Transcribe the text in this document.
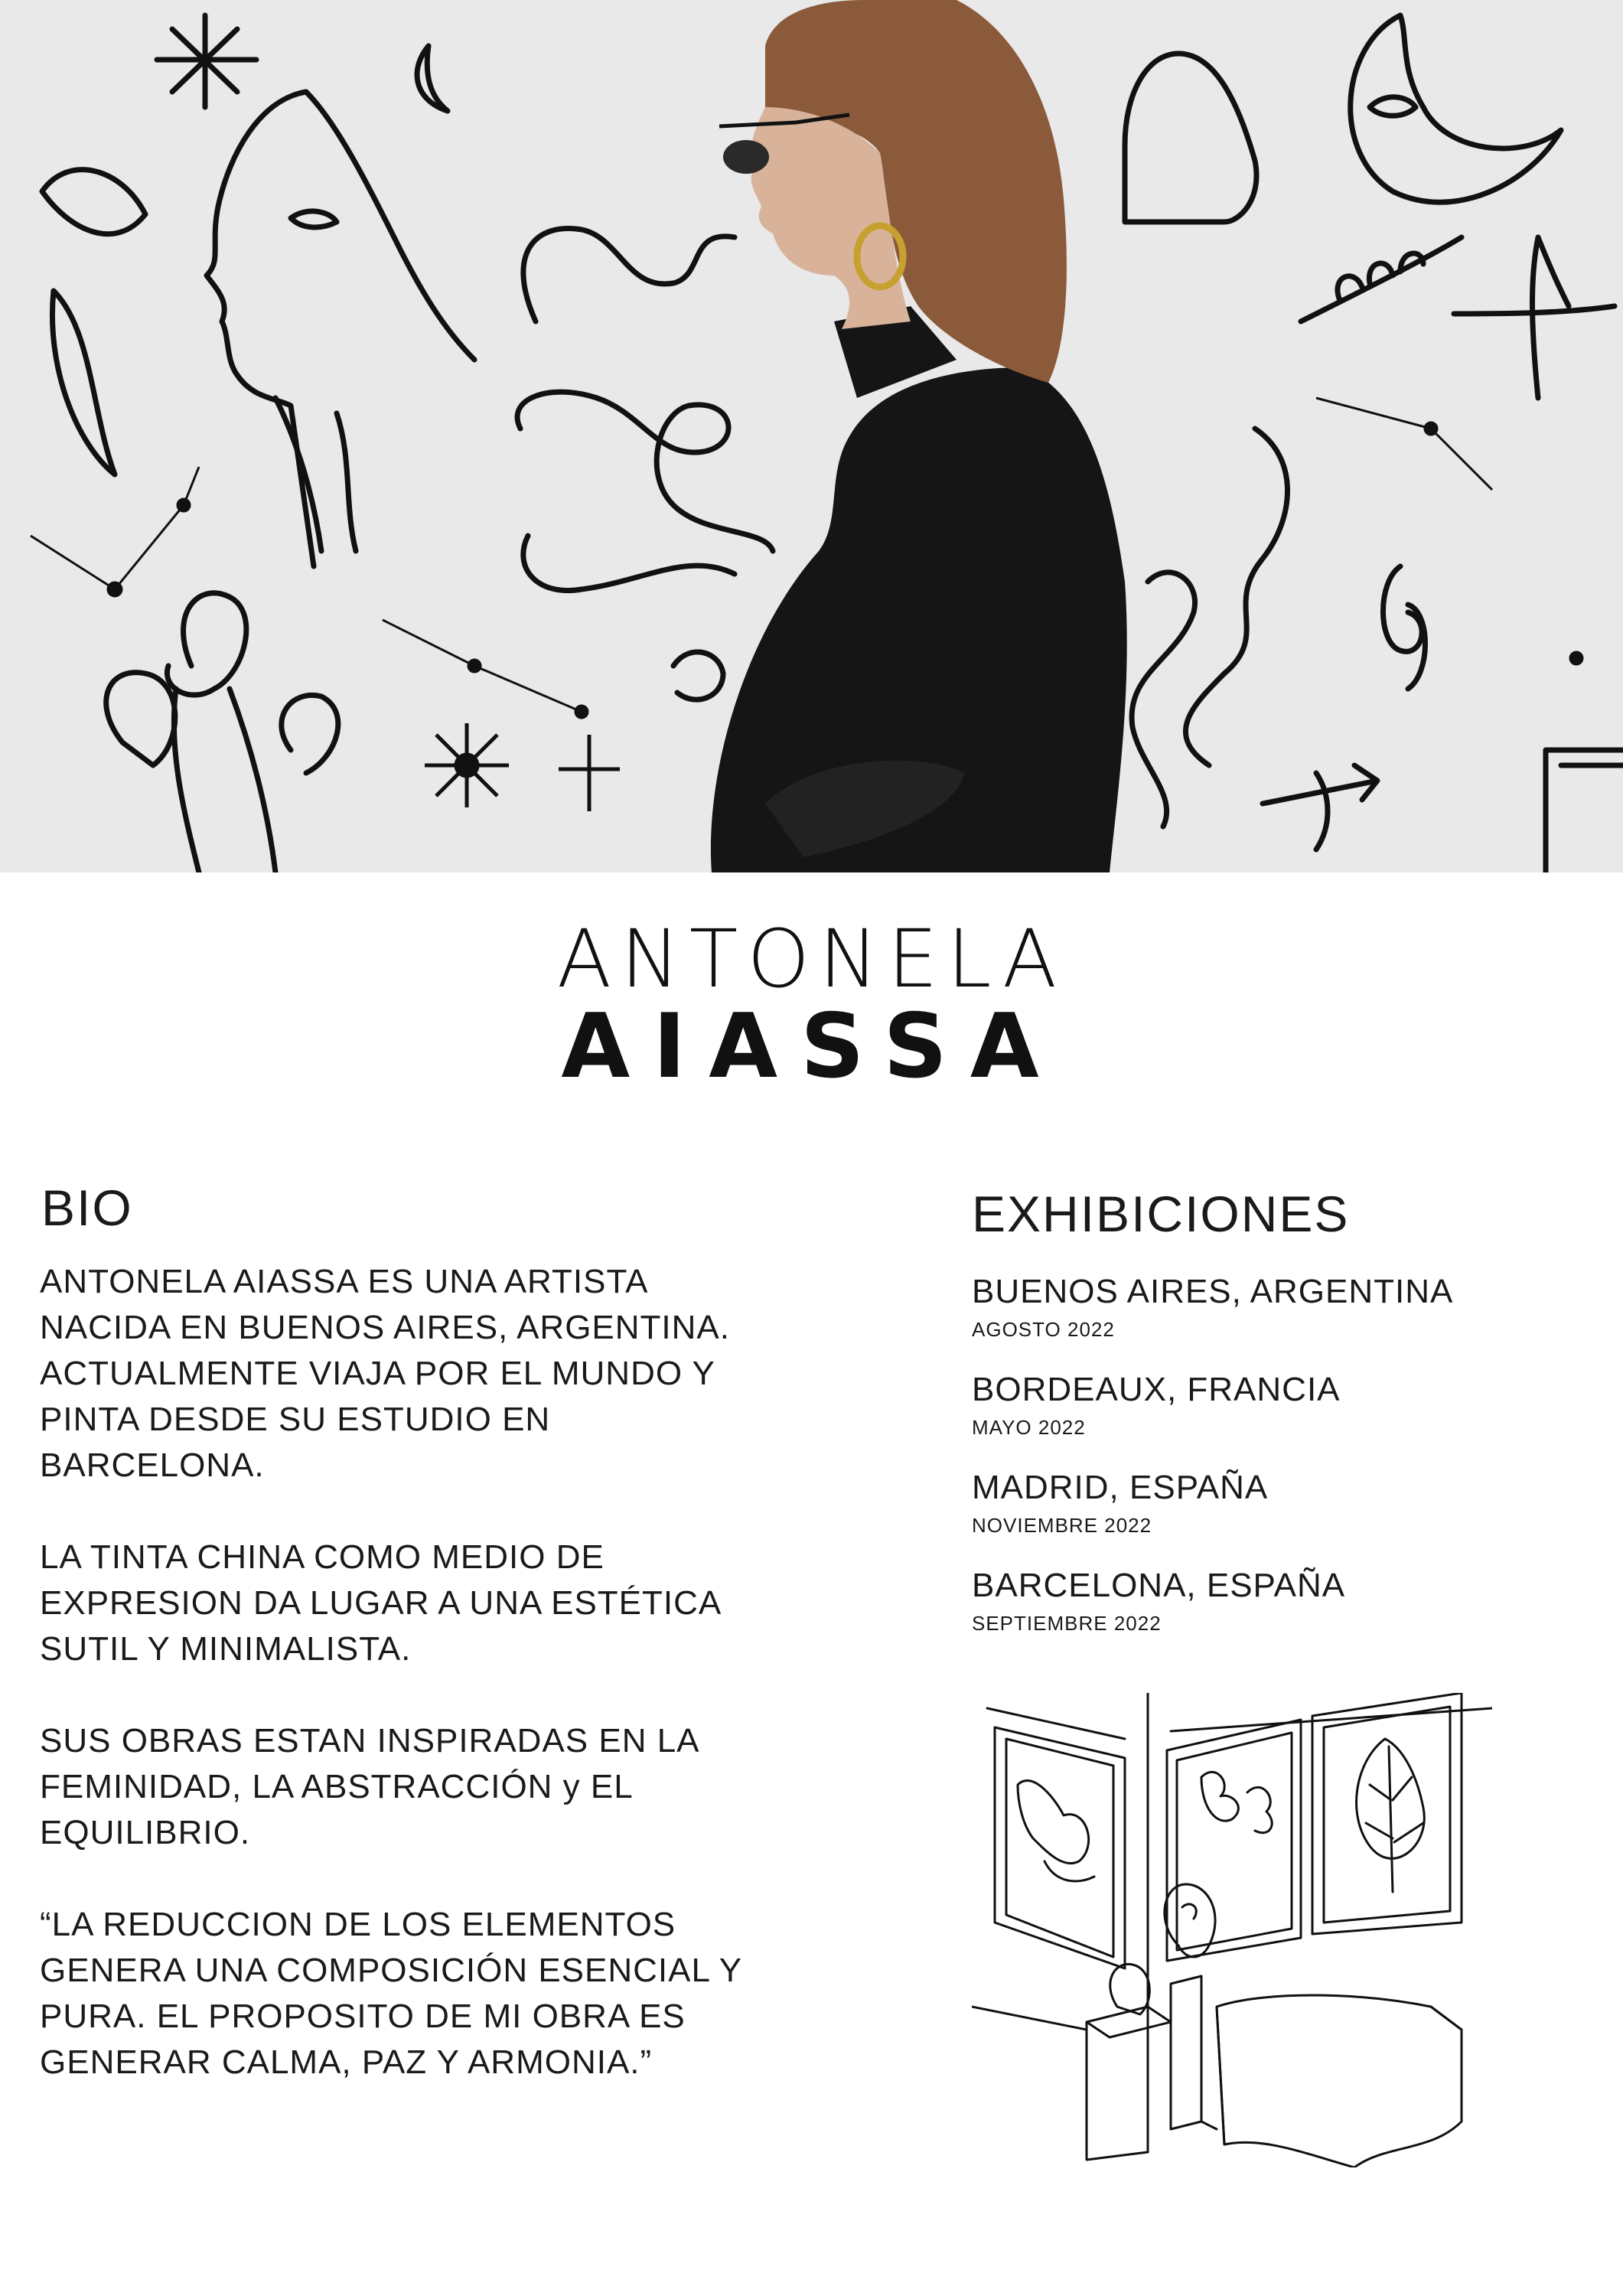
ANTONELA
AIASSA
BIO

ANTONELA AIASSA ES UNA ARTISTA
NACIDA EN BUENOS AIRES, ARGENTINA.
ACTUALMENTE VIAJA POR EL MUNDO Y
PINTA DESDE SU ESTUDIO EN
BARCELONA.

LA TINTA CHINA COMO MEDIO DE
EXPRESION DA LUGAR A UNA ESTÉTICA
SUTIL Y MINIMALISTA.

SUS OBRAS ESTAN INSPIRADAS EN LA
FEMINIDAD, LA ABSTRACCIÓN y EL
EQUILIBRIO.

“LA REDUCCION DE LOS ELEMENTOS
GENERA UNA COMPOSICIÓN ESENCIAL Y
PURA. EL PROPOSITO DE MI OBRA ES
GENERAR CALMA, PAZ Y ARMONIA.”

EXHIBICIONES
BUENOS AIRES, ARGENTINA
AGOSTO 2022
BORDEAUX, FRANCIA
MAYO 2022
MADRID, ESPAÑA
NOVIEMBRE 2022
BARCELONA, ESPAÑA
SEPTIEMBRE 2022
